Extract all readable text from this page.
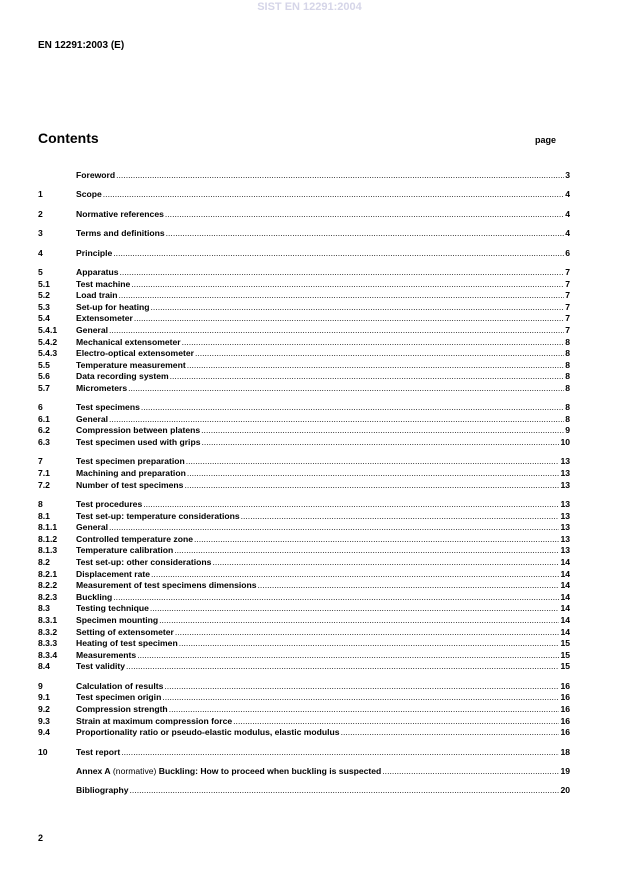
SIST EN 12291:2004
EN 12291:2003 (E)
Contents	page
Foreword .....	3
1	Scope .....	4
2	Normative references .....	4
3	Terms and definitions .....	4
4	Principle .....	6
5	Apparatus .....	7
5.1	Test machine .....	7
5.2	Load train .....	7
5.3	Set-up for heating .....	7
5.4	Extensometer .....	7
5.4.1	General .....	7
5.4.2	Mechanical extensometer .....	8
5.4.3	Electro-optical extensometer .....	8
5.5	Temperature measurement .....	8
5.6	Data recording system .....	8
5.7	Micrometers .....	8
6	Test specimens .....	8
6.1	General .....	8
6.2	Compression between platens .....	9
6.3	Test specimen used with grips .....	10
7	Test specimen preparation .....	13
7.1	Machining and preparation .....	13
7.2	Number of test specimens .....	13
8	Test procedures .....	13
8.1	Test set-up: temperature considerations .....	13
8.1.1	General .....	13
8.1.2	Controlled temperature zone .....	13
8.1.3	Temperature calibration .....	13
8.2	Test set-up: other considerations .....	14
8.2.1	Displacement rate .....	14
8.2.2	Measurement of test specimens dimensions .....	14
8.2.3	Buckling .....	14
8.3	Testing technique .....	14
8.3.1	Specimen mounting .....	14
8.3.2	Setting of extensometer .....	14
8.3.3	Heating of test specimen .....	15
8.3.4	Measurements .....	15
8.4	Test validity .....	15
9	Calculation of results .....	16
9.1	Test specimen origin .....	16
9.2	Compression strength .....	16
9.3	Strain at maximum compression force .....	16
9.4	Proportionality ratio or pseudo-elastic modulus, elastic modulus .....	16
10	Test report .....	18
Annex A (normative) Buckling: How to proceed when buckling is suspected .....	19
Bibliography .....	20
2
